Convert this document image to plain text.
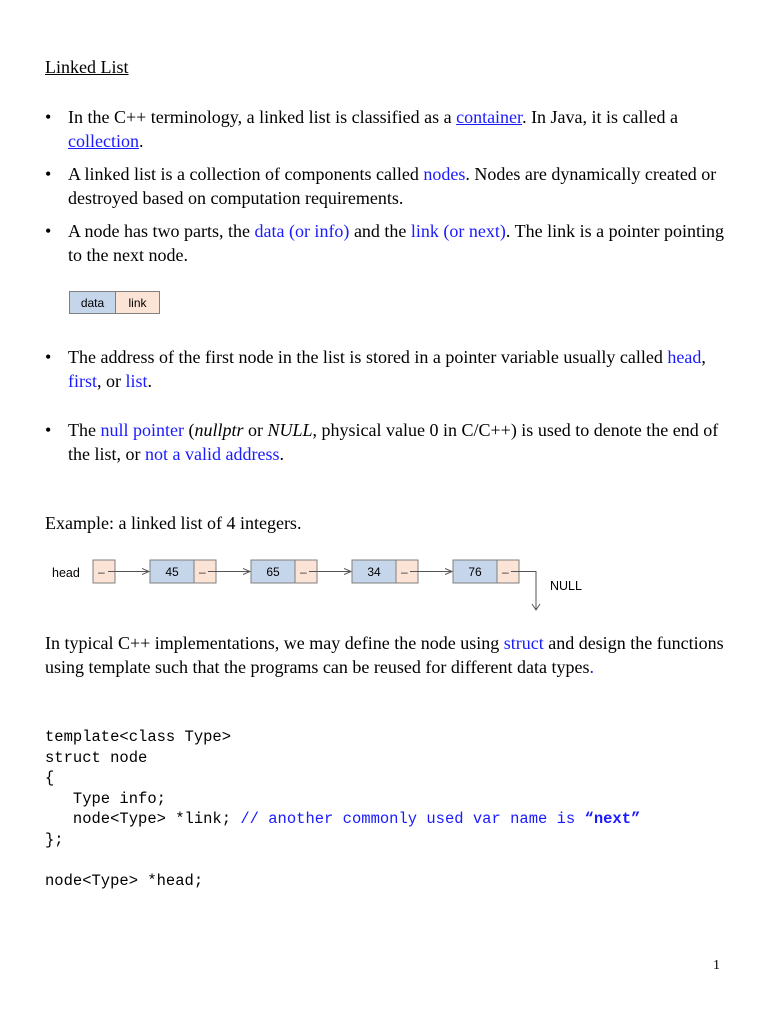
Linked List
• In the C++ terminology, a linked list is classified as a container. In Java, it is called a collection.
• A linked list is a collection of components called nodes. Nodes are dynamically created or destroyed based on computation requirements.
• A node has two parts, the data (or info) and the link (or next). The link is a pointer pointing to the next node.
• The address of the first node in the list is stored in a pointer variable usually called head, first, or list.
• The null pointer (nullptr or NULL, physical value 0 in C/C++) is used to denote the end of the list, or not a valid address.
data	link
Example: a linked list of 4 integers.
head –	45 –	65 –	34 –	76 –
NULL
In typical C++ implementations, we may define the node using struct and design the functions using template such that the programs can be reused for different data types.
template<class Type>
struct node
{
Type info;
node<Type> *link; // another commonly used var name is “next”
};

node<Type> *head;
1
